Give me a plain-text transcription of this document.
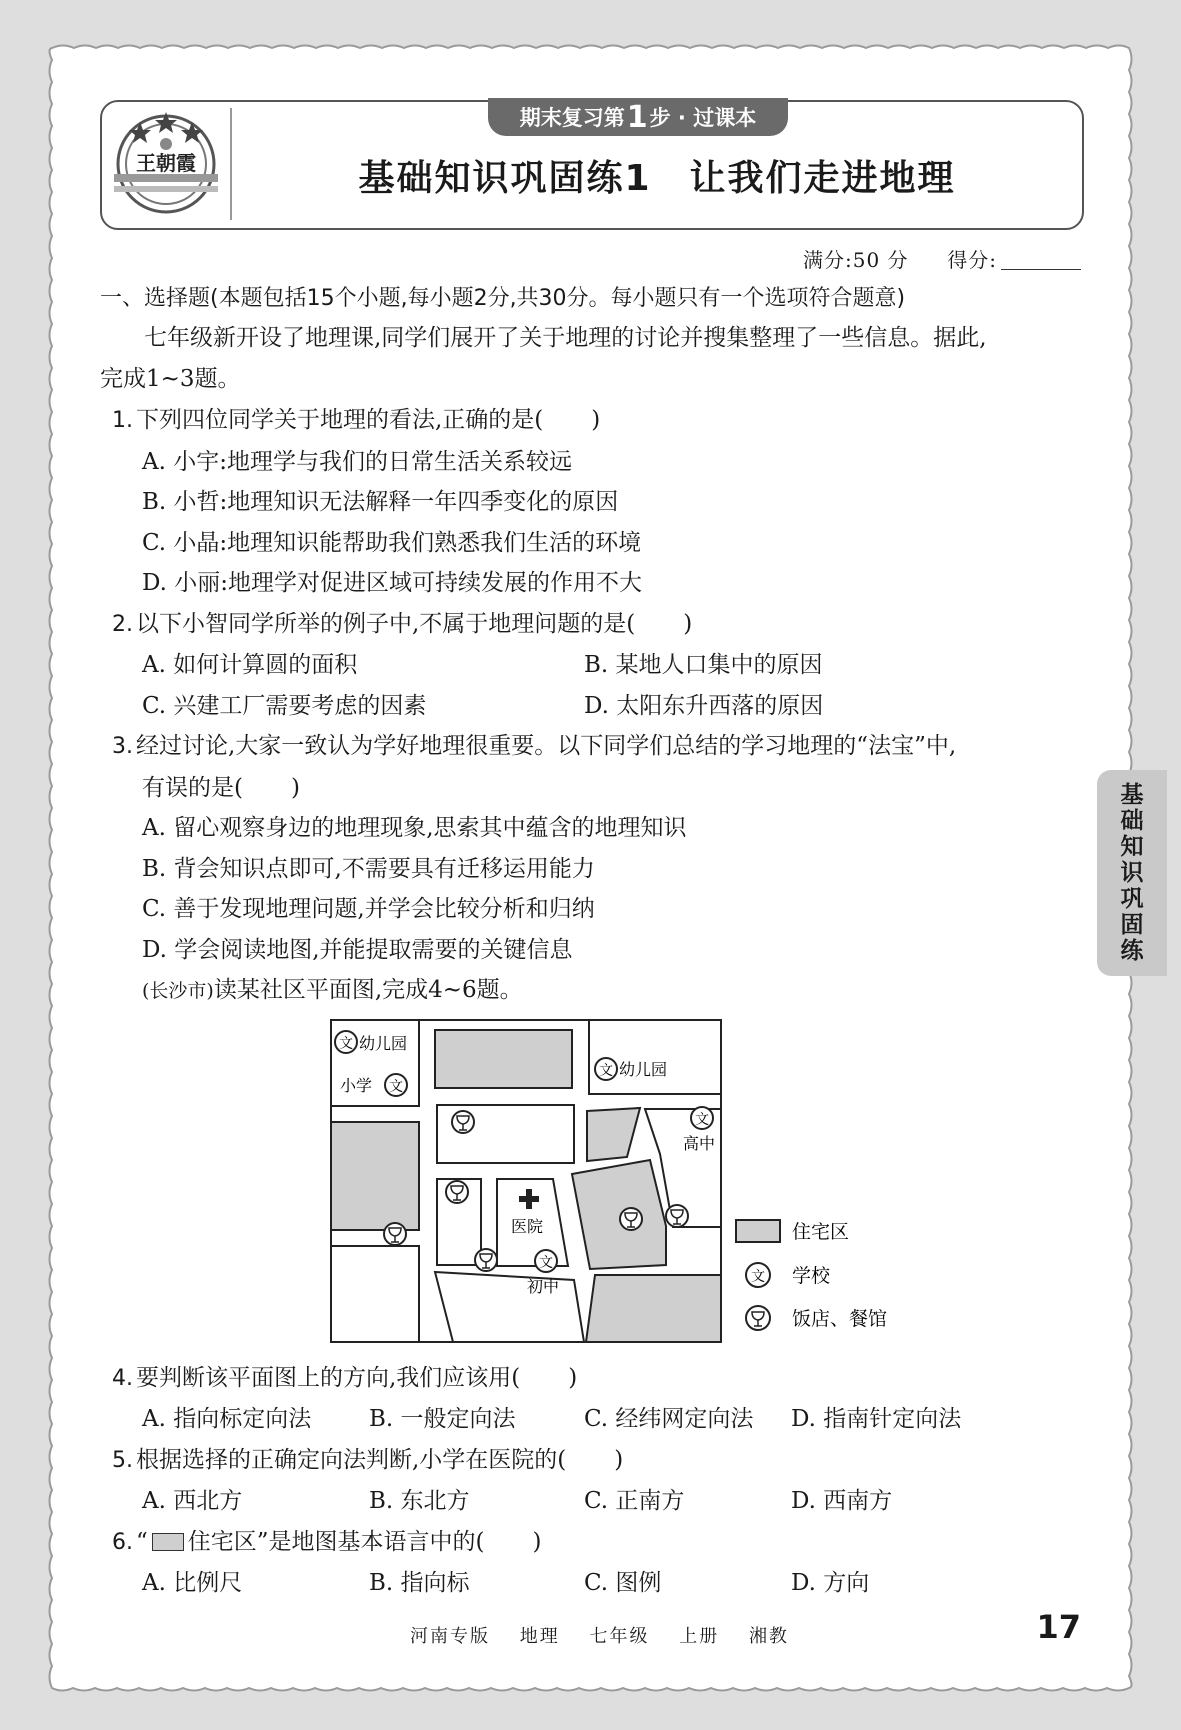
王朝霞
期末复习第 1 步 · 过课本
基础知识巩固练1　让我们走进地理
满分:50 分 得分:
一、选择题(本题包括15个小题,每小题2分,共30分。每小题只有一个选项符合题意)
七年级新开设了地理课,同学们展开了关于地理的讨论并搜集整理了一些信息。据此,
完成1~3题。
1. 下列四位同学关于地理的看法,正确的是( )
A. 小宇:地理学与我们的日常生活关系较远
B. 小哲:地理知识无法解释一年四季变化的原因
C. 小晶:地理知识能帮助我们熟悉我们生活的环境
D. 小丽:地理学对促进区域可持续发展的作用不大
2. 以下小智同学所举的例子中,不属于地理问题的是( )
A. 如何计算圆的面积	B. 某地人口集中的原因
C. 兴建工厂需要考虑的因素	D. 太阳东升西落的原因
3. 经过讨论,大家一致认为学好地理很重要。以下同学们总结的学习地理的“法宝”中,
有误的是( )
A. 留心观察身边的地理现象,思索其中蕴含的地理知识
B. 背会知识点即可,不需要具有迁移运用能力
C. 善于发现地理问题,并学会比较分析和归纳
D. 学会阅读地图,并能提取需要的关键信息
(长沙市)读某社区平面图,完成4~6题。
文 幼儿园
小学 文
文 幼儿园
文
高中
文
初中
医院	住宅区
文 学校
饭店、餐馆
4. 要判断该平面图上的方向,我们应该用( )
A. 指向标定向法	B. 一般定向法	C. 经纬网定向法	D. 指南针定向法
5. 根据选择的正确定向法判断,小学在医院的( )
A. 西北方	B. 东北方	C. 正南方	D. 西南方
6. “ 住宅区”是地图基本语言中的( )
A. 比例尺	B. 指向标	C. 图例	D. 方向
基
础
知
识
巩
固
练
河南专版 地理 七年级 上册 湘教	17
